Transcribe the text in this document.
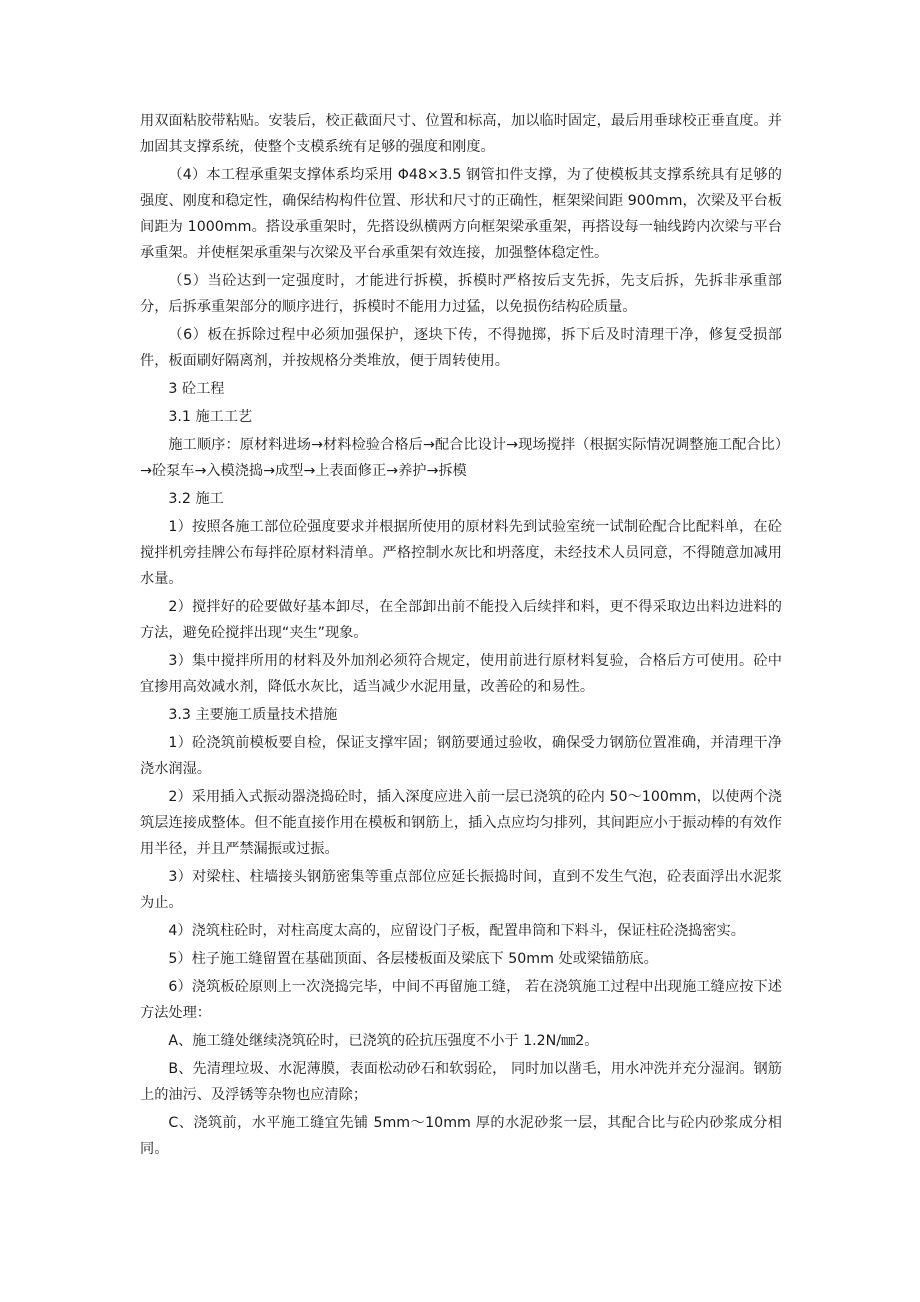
用双面粘胶带粘贴。安装后，校正截面尺寸、位置和标高，加以临时固定，最后用垂球校正垂直度。并加固其支撑系统，使整个支模系统有足够的强度和刚度。

（4）本工程承重架支撑体系均采用 Φ48×3.5 钢管扣件支撑，为了使模板其支撑系统具有足够的强度、刚度和稳定性，确保结构构件位置、形状和尺寸的正确性，框架梁间距 900mm，次梁及平台板间距为 1000mm。搭设承重架时，先搭设纵横两方向框架梁承重架，再搭设每一轴线跨内次梁与平台承重架。并使框架承重架与次梁及平台承重架有效连接，加强整体稳定性。

（5）当砼达到一定强度时，才能进行拆模，拆模时严格按后支先拆，先支后拆，先拆非承重部分，后拆承重架部分的顺序进行，拆模时不能用力过猛，以免损伤结构砼质量。

（6）板在拆除过程中必须加强保护，逐块下传，不得抛掷，拆下后及时清理干净，修复受损部件，板面刷好隔离剂，并按规格分类堆放，便于周转使用。

3 砼工程

3.1 施工工艺

施工顺序：原材料进场→材料检验合格后→配合比设计→现场搅拌（根据实际情况调整施工配合比）→砼泵车→入模浇捣→成型→上表面修正→养护→拆模

3.2 施工

1）按照各施工部位砼强度要求并根据所使用的原材料先到试验室统一试制砼配合比配料单，在砼搅拌机旁挂牌公布每拌砼原材料清单。严格控制水灰比和坍落度，未经技术人员同意，不得随意加减用水量。

2）搅拌好的砼要做好基本卸尽，在全部卸出前不能投入后续拌和料，更不得采取边出料边进料的方法，避免砼搅拌出现“夹生”现象。

3）集中搅拌所用的材料及外加剂必须符合规定，使用前进行原材料复验，合格后方可使用。砼中宜掺用高效减水剂，降低水灰比，适当减少水泥用量，改善砼的和易性。

3.3 主要施工质量技术措施

1）砼浇筑前模板要自检，保证支撑牢固；钢筋要通过验收，确保受力钢筋位置准确，并清理干净浇水润湿。

2）采用插入式振动器浇捣砼时，插入深度应进入前一层已浇筑的砼内 50～100mm，以使两个浇筑层连接成整体。但不能直接作用在模板和钢筋上，插入点应均匀排列，其间距应小于振动棒的有效作用半径，并且严禁漏振或过振。

3）对梁柱、柱墙接头钢筋密集等重点部位应延长振捣时间，直到不发生气泡，砼表面浮出水泥浆为止。

4）浇筑柱砼时，对柱高度太高的，应留设门子板，配置串筒和下料斗，保证柱砼浇捣密实。

5）柱子施工缝留置在基础顶面、各层楼板面及梁底下 50mm 处或梁锚筋底。

6）浇筑板砼原则上一次浇捣完毕，中间不再留施工缝， 若在浇筑施工过程中出现施工缝应按下述方法处理：

A、施工缝处继续浇筑砼时，已浇筑的砼抗压强度不小于 1.2N/㎜2。

B、先清理垃圾、水泥薄膜，表面松动砂石和软弱砼， 同时加以凿毛，用水冲洗并充分湿润。钢筋上的油污、及浮锈等杂物也应清除；

C、浇筑前，水平施工缝宜先铺 5mm～10mm 厚的水泥砂浆一层，其配合比与砼内砂浆成分相同。
